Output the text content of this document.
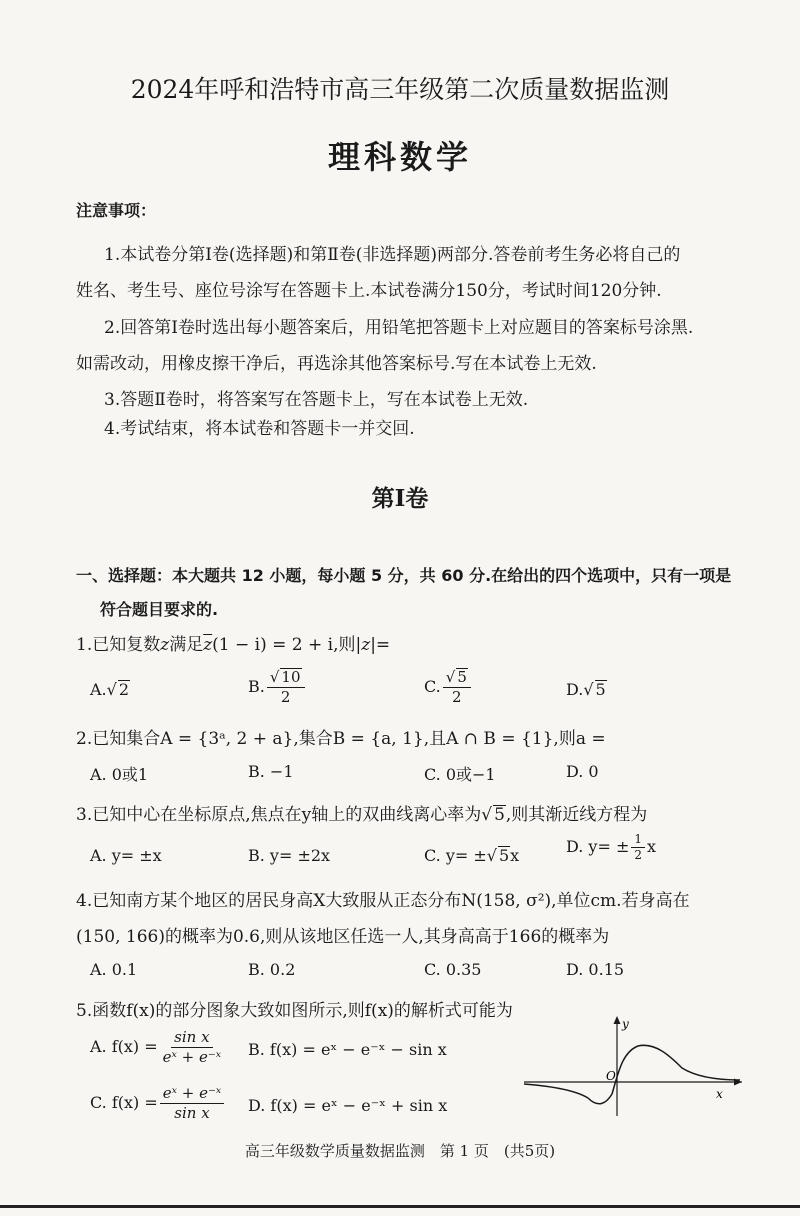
2024年呼和浩特市高三年级第二次质量数据监测
理科数学
注意事项：
1.本试卷分第Ⅰ卷(选择题)和第Ⅱ卷(非选择题)两部分.答卷前考生务必将自己的
姓名、考生号、座位号涂写在答题卡上.本试卷满分150分，考试时间120分钟.
2.回答第Ⅰ卷时选出每小题答案后，用铅笔把答题卡上对应题目的答案标号涂黑.
如需改动，用橡皮擦干净后，再选涂其他答案标号.写在本试卷上无效.
3.答题Ⅱ卷时，将答案写在答题卡上，写在本试卷上无效.
4.考试结束，将本试卷和答题卡一并交回.
第Ⅰ卷
一、选择题：本大题共 12 小题，每小题 5 分，共 60 分.在给出的四个选项中，只有一项是
符合题目要求的.
1.已知复数z满足$\overline{z}(1 - i) = 2 + i$,则|z|=
A.√ 2	B. $\frac{√ 10}{2}$	C. $\frac{√ 5}{2}$	D.√ 5
2.已知集合A = {3ᵃ, 2 + a},集合B = {a, 1},且A ∩ B = {1},则a =
A. 0或1	B. −1	C. 0或−1	D. 0
3.已知中心在坐标原点,焦点在y轴上的双曲线离心率为√ 5,则其渐近线方程为
A. y= ±x	B. y= ±2x	C. y= ±√ 5x	D. $y= \pm \frac{1}{2}$ x
4.已知南方某个地区的居民身高X大致服从正态分布N(158, σ²),单位cm.若身高在
(150, 166)的概率为0.6,则从该地区任选一人,其身高高于166的概率为
A. 0.1	B. 0.2	C. 0.35	D. 0.15
5.函数f(x)的部分图象大致如图所示,则f(x)的解析式可能为
A. $f(x) = \frac{\text{sin x}}{\text{eˣ + e⁻ˣ}} B$. f(x) = eˣ − e⁻ˣ − sin x
C. $f(x) = \frac{\text{eˣ + e⁻ˣ}}{\text{sin x}} D$. f(x) = eˣ − e⁻ˣ + sin x
x
y
O
高三年级数学质量数据监测　第 1 页　(共5页)
